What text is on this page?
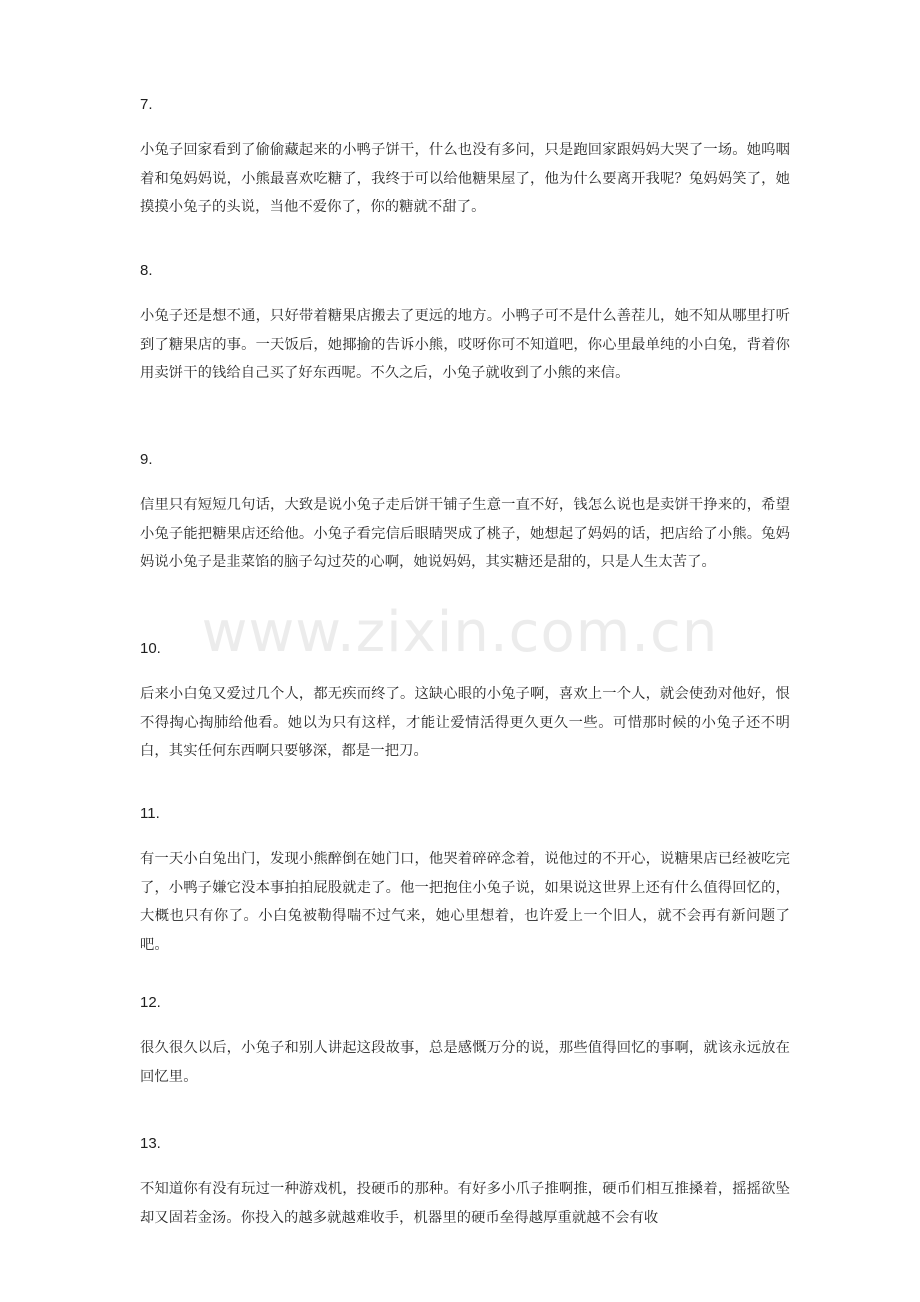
7.

小兔子回家看到了偷偷藏起来的小鸭子饼干，什么也没有多问，只是跑回家跟妈妈大哭了一场。她呜咽着和兔妈妈说，小熊最喜欢吃糖了，我终于可以给他糖果屋了，他为什么要离开我呢？兔妈妈笑了，她摸摸小兔子的头说，当他不爱你了，你的糖就不甜了。

8.

小兔子还是想不通，只好带着糖果店搬去了更远的地方。小鸭子可不是什么善茬儿，她不知从哪里打听到了糖果店的事。一天饭后，她揶揄的告诉小熊，哎呀你可不知道吧，你心里最单纯的小白兔，背着你用卖饼干的钱给自己买了好东西呢。不久之后，小兔子就收到了小熊的来信。

9.

信里只有短短几句话，大致是说小兔子走后饼干铺子生意一直不好，钱怎么说也是卖饼干挣来的，希望小兔子能把糖果店还给他。小兔子看完信后眼睛哭成了桃子，她想起了妈妈的话，把店给了小熊。兔妈妈说小兔子是韭菜馅的脑子勾过芡的心啊，她说妈妈，其实糖还是甜的，只是人生太苦了。

10.

后来小白兔又爱过几个人，都无疾而终了。这缺心眼的小兔子啊，喜欢上一个人，就会使劲对他好，恨不得掏心掏肺给他看。她以为只有这样，才能让爱情活得更久更久一些。可惜那时候的小兔子还不明白，其实任何东西啊只要够深，都是一把刀。

11.

有一天小白兔出门，发现小熊醉倒在她门口，他哭着碎碎念着，说他过的不开心，说糖果店已经被吃完了，小鸭子嫌它没本事拍拍屁股就走了。他一把抱住小兔子说，如果说这世界上还有什么值得回忆的，大概也只有你了。小白兔被勒得喘不过气来，她心里想着，也许爱上一个旧人，就不会再有新问题了吧。

12.

很久很久以后，小兔子和别人讲起这段故事，总是感慨万分的说，那些值得回忆的事啊，就该永远放在回忆里。

13.

不知道你有没有玩过一种游戏机，投硬币的那种。有好多小爪子推啊推，硬币们相互推搡着，摇摇欲坠却又固若金汤。你投入的越多就越难收手，机器里的硬币垒得越厚重就越不会有收

www.zixin.com.cn
